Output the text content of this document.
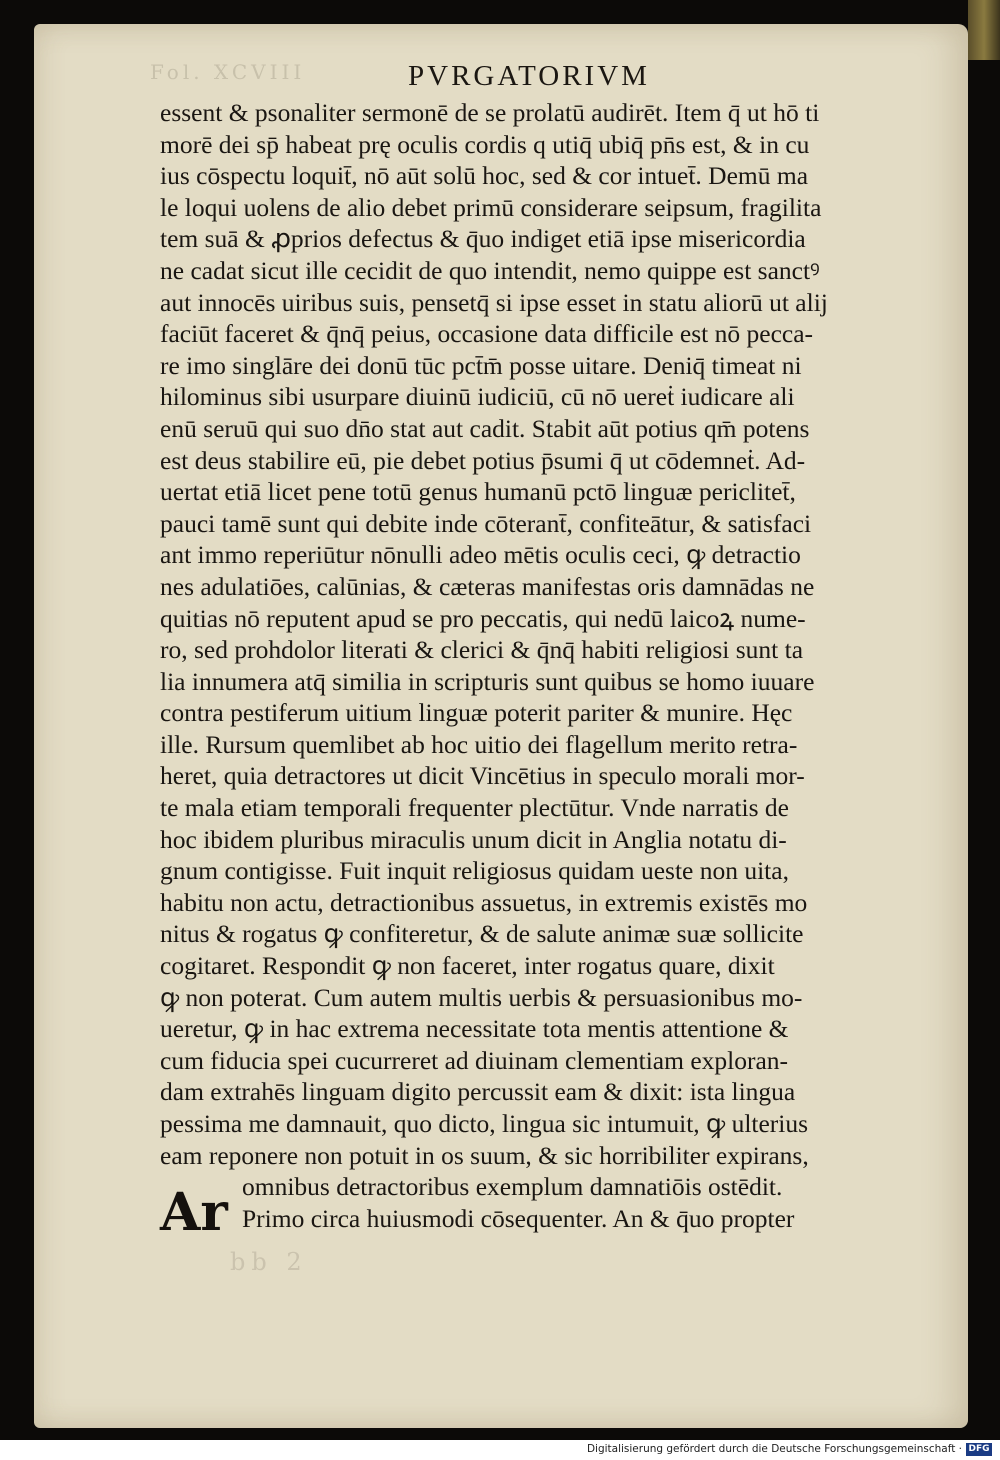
Fol. XCVIII	PVRGATORIVM
essent & psonaliter sermonē de se prolatū audirēt. Item q̄ ut hō ti
morē dei sp̄ habeat prę oculis cordis q utiq̄ ubiq̄ pn̄s est, & in cu
ius cōspectu loquit̄, nō aūt solū hoc, sed & cor intuet̄. Demū ma
le loqui uolens de alio debet primū considerare seipsum, fragilita
tem suā & ꝓprios defectus & q̄uo indiget etiā ipse misericordia
ne cadat sicut ille cecidit de quo intendit, nemo quippe est sanctꝰ
aut innocēs uiribus suis, pensetq̄ si ipse esset in statu aliorū ut alij
faciūt faceret & q̄nq̄ peius, occasione data difficile est nō pecca-
re imo singlāre dei donū tūc pct̄m̄ posse uitare. Deniq̄ timeat ni
hilominus sibi usurpare diuinū iudiciū, cū nō uereṫ iudicare ali
enū seruū qui suo dn̄o stat aut cadit. Stabit aūt potius qm̄ potens
est deus stabilire eū, pie debet potius p̄sumi q̄ ut cōdemneṫ. Ad-
uertat etiā licet pene totū genus humanū pctō linguæ periclitet̄,
pauci tamē sunt qui debite inde cōterant̄, confiteātur, & satisfaci
ant immo reperiūtur nōnulli adeo mētis oculis ceci, ꝙ detractio
nes adulatiōes, calūnias, & cæteras manifestas oris damnādas ne
quitias nō reputent apud se pro peccatis, qui nedū laicoꝝ nume-
ro, sed prohdolor literati & clerici & q̄nq̄ habiti religiosi sunt ta
lia innumera atq̄ similia in scripturis sunt quibus se homo iuuare
contra pestiferum uitium linguæ poterit pariter & munire. Hęc
ille. Rursum quemlibet ab hoc uitio dei flagellum merito retra-
heret, quia detractores ut dicit Vincētius in speculo morali mor-
te mala etiam temporali frequenter plectūtur. Vnde narratis de
hoc ibidem pluribus miraculis unum dicit in Anglia notatu di-
gnum contigisse. Fuit inquit religiosus quidam ueste non uita,
habitu non actu, detractionibus assuetus, in extremis existēs mo
nitus & rogatus ꝙ confiteretur, & de salute animæ suæ sollicite
cogitaret. Respondit ꝙ non faceret, inter rogatus quare, dixit
ꝙ non poterat. Cum autem multis uerbis & persuasionibus mo-
ueretur, ꝙ in hac extrema necessitate tota mentis attentione &
cum fiducia spei cucurreret ad diuinam clementiam exploran-
dam extrahēs linguam digito percussit eam & dixit: ista lingua
pessima me damnauit, quo dicto, lingua sic intumuit, ꝙ ulterius
eam reponere non potuit in os suum, & sic horribiliter expirans,
omnibus detractoribus exemplum damnatiōis ostēdit.
Primo circa huiusmodi cōsequenter. An & q̄uo propter
Ar
bb 2
Digitalisierung gefördert durch die Deutsche Forschungsgemeinschaft · DFG
